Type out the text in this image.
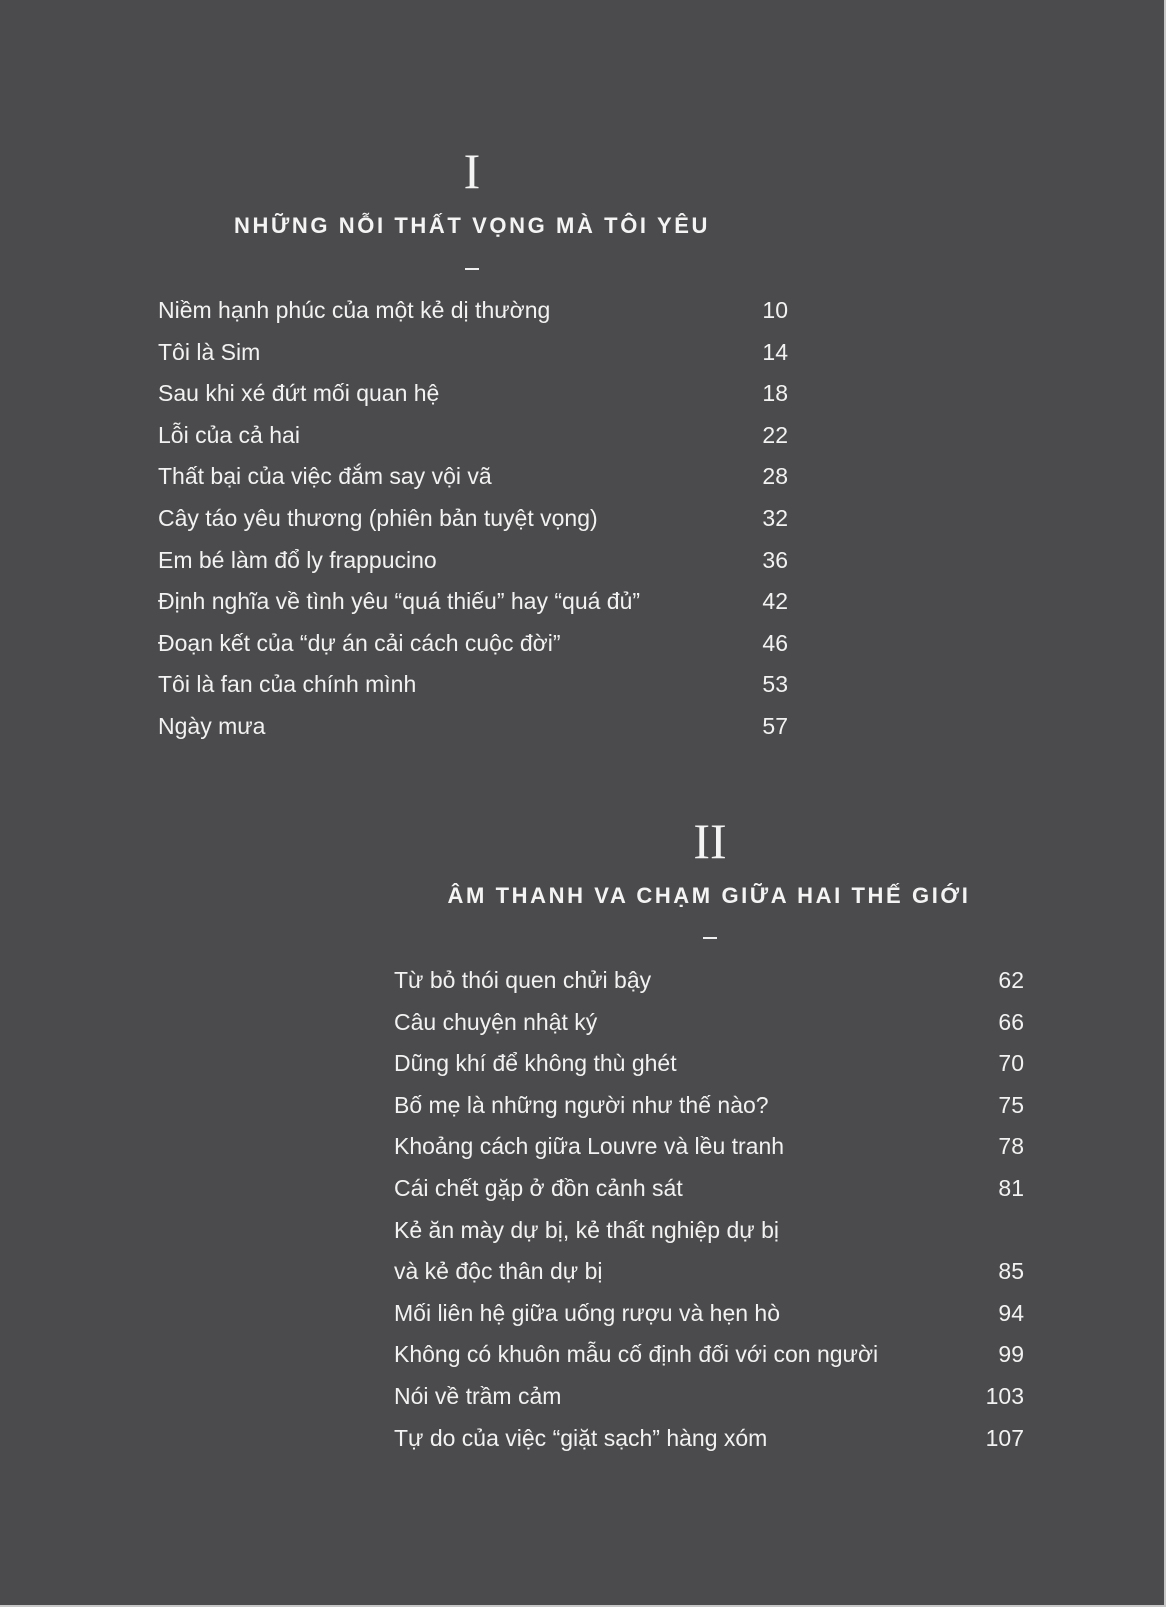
I
NHỮNG NỖI THẤT VỌNG MÀ TÔI YÊU
Niềm hạnh phúc của một kẻ dị thường	10
Tôi là Sim	14
Sau khi xé đứt mối quan hệ	18
Lỗi của cả hai	22
Thất bại của việc đắm say vội vã	28
Cây táo yêu thương (phiên bản tuyệt vọng)	32
Em bé làm đổ ly frappucino	36
Định nghĩa về tình yêu “quá thiếu” hay “quá đủ”	42
Đoạn kết của “dự án cải cách cuộc đời”	46
Tôi là fan của chính mình	53
Ngày mưa	57
II
ÂM THANH VA CHẠM GIỮA HAI THẾ GIỚI
Từ bỏ thói quen chửi bậy	62
Câu chuyện nhật ký	66
Dũng khí để không thù ghét	70
Bố mẹ là những người như thế nào?	75
Khoảng cách giữa Louvre và lều tranh	78
Cái chết gặp ở đồn cảnh sát	81
Kẻ ăn mày dự bị, kẻ thất nghiệp dự bị
và kẻ độc thân dự bị	85
Mối liên hệ giữa uống rượu và hẹn hò	94
Không có khuôn mẫu cố định đối với con người	99
Nói về trầm cảm	103
Tự do của việc “giặt sạch” hàng xóm	107
